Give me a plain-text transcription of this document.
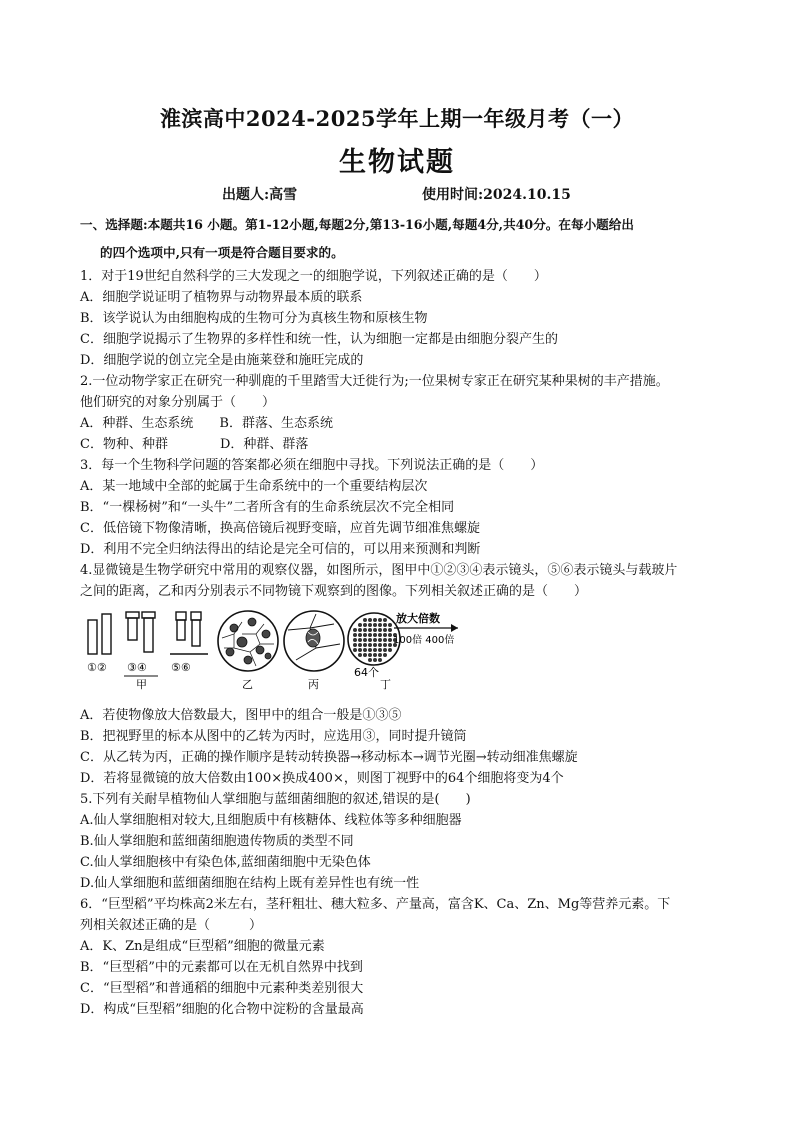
淮滨高中2024-2025学年上期一年级月考（一）
生物试题
出题人:高雪	使用时间:2024.10.15
一、选择题:本题共16 小题。第1-12小题,每题2分,第13-16小题,每题4分,共40分。在每小题给出
的四个选项中,只有一项是符合题目要求的。
1．对于19世纪自然科学的三大发现之一的细胞学说，下列叙述正确的是（　　）
A．细胞学说证明了植物界与动物界最本质的联系
B．该学说认为由细胞构成的生物可分为真核生物和原核生物
C．细胞学说揭示了生物界的多样性和统一性，认为细胞一定都是由细胞分裂产生的
D．细胞学说的创立完全是由施莱登和施旺完成的
2.一位动物学家正在研究一种驯鹿的千里踏雪大迁徙行为;一位果树专家正在研究某种果树的丰产措施。
他们研究的对象分别属于（　　）
A．种群、生态系统　　B．群落、生态系统
C．物种、种群　　　　D．种群、群落
3．每一个生物科学问题的答案都必须在细胞中寻找。下列说法正确的是（　　）
A．某一地域中全部的蛇属于生命系统中的一个重要结构层次
B．“一棵杨树”和“一头牛”二者所含有的生命系统层次不完全相同
C．低倍镜下物像清晰，换高倍镜后视野变暗，应首先调节细准焦螺旋
D．利用不完全归纳法得出的结论是完全可信的，可以用来预测和判断
4.显微镜是生物学研究中常用的观察仪器，如图所示，图甲中①②③④表示镜头，⑤⑥表示镜头与载玻片
之间的距离，乙和丙分别表示不同物镜下观察到的图像。下列相关叙述正确的是（　　）
①② ③④
甲
⑤⑥
乙	丙
64个
丁
放大倍数
100倍 400倍
A．若使物像放大倍数最大，图甲中的组合一般是①③⑤
B．把视野里的标本从图中的乙转为丙时，应选用③，同时提升镜筒
C．从乙转为丙，正确的操作顺序是转动转换器→移动标本→调节光圈→转动细准焦螺旋
D．若将显微镜的放大倍数由100×换成400×，则图丁视野中的64个细胞将变为4个
5.下列有关耐旱植物仙人掌细胞与蓝细菌细胞的叙述,错误的是(　　)
A.仙人掌细胞相对较大,且细胞质中有核糖体、线粒体等多种细胞器
B.仙人掌细胞和蓝细菌细胞遗传物质的类型不同
C.仙人掌细胞核中有染色体,蓝细菌细胞中无染色体
D.仙人掌细胞和蓝细菌细胞在结构上既有差异性也有统一性
6．“巨型稻”平均株高2米左右，茎秆粗壮、穗大粒多、产量高，富含K、Ca、Zn、Mg等营养元素。下
列相关叙述正确的是（　　　）
A．K、Zn是组成“巨型稻”细胞的微量元素
B．“巨型稻”中的元素都可以在无机自然界中找到
C．“巨型稻”和普通稻的细胞中元素种类差别很大
D．构成“巨型稻”细胞的化合物中淀粉的含量最高
